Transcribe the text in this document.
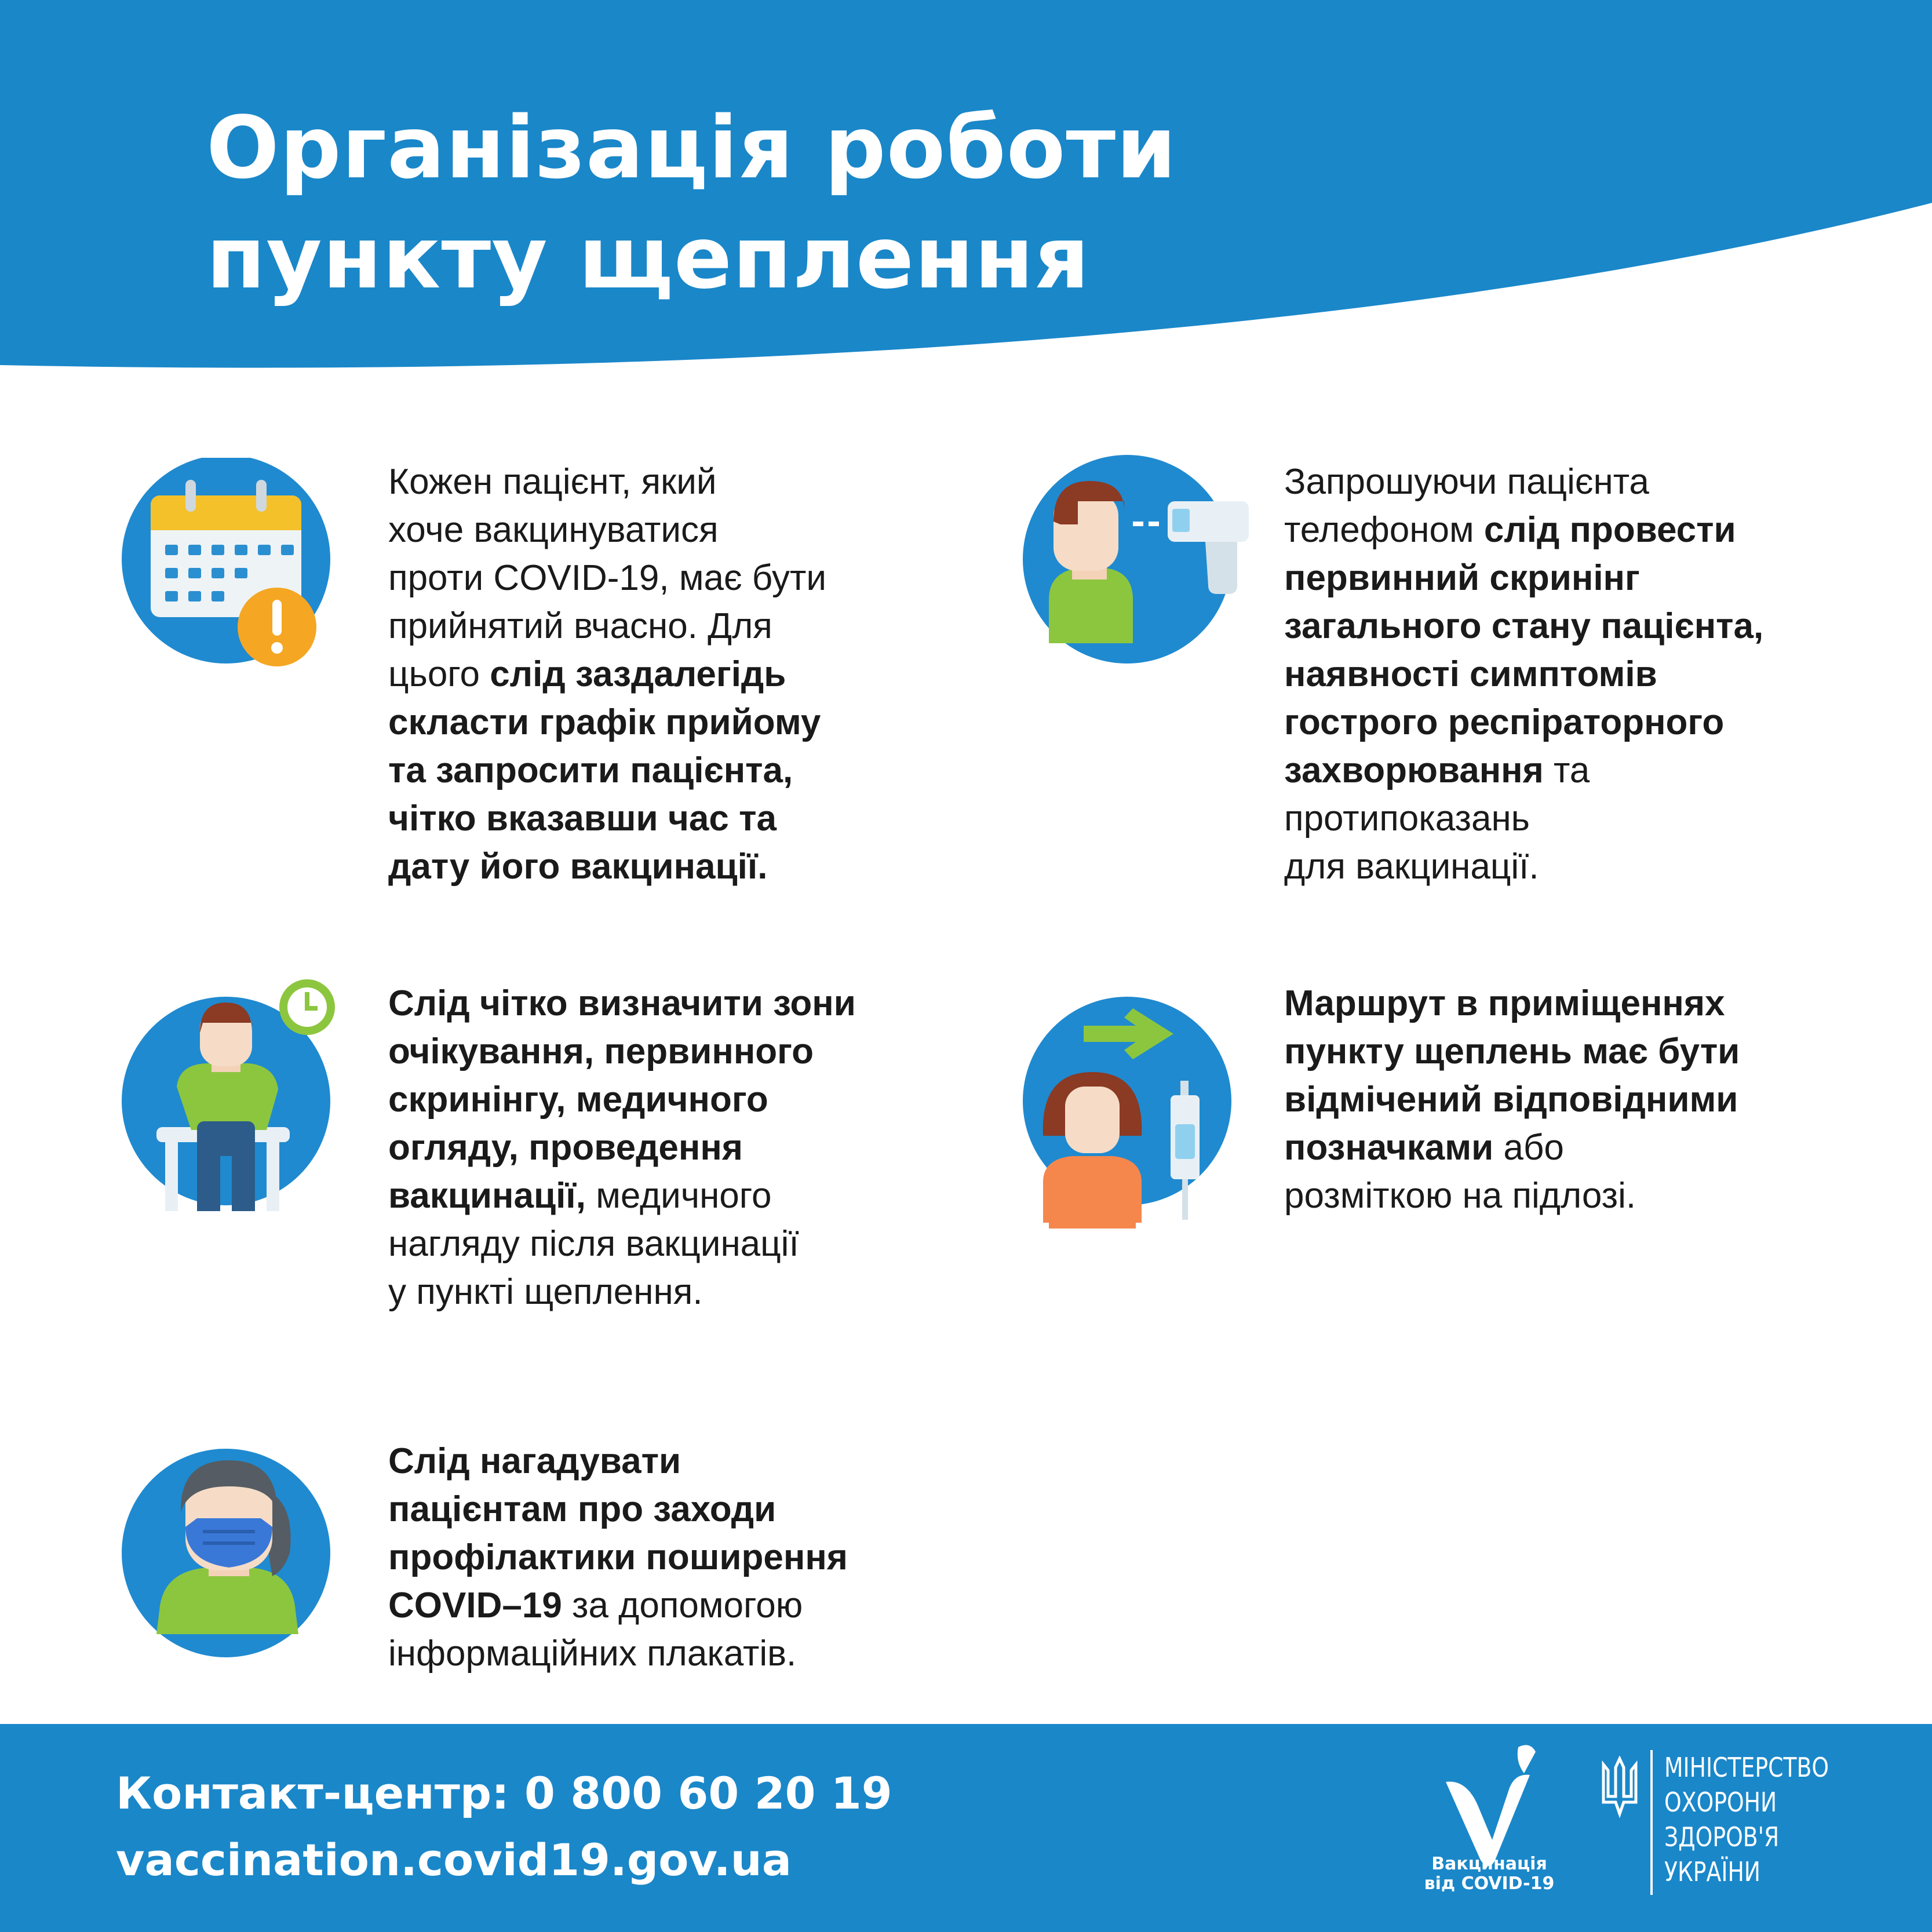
Організація роботи
пункту щеплення
Кожен пацієнт, який
хоче вакцинуватися
проти COVID-19, має бути
прийнятий вчасно. Для
цього слід заздалегідь
скласти графік прийому
та запросити пацієнта,
чітко вказавши час та
дату його вакцинації.
Запрошуючи пацієнта
телефоном слід провести
первинний скринінг
загального стану пацієнта,
наявності симптомів
гострого респіраторного
захворювання та
протипоказань
для вакцинації.
Слід чітко визначити зони
очікування, первинного
скринінгу, медичного
огляду, проведення
вакцинації, медичного
нагляду після вакцинації
у пункті щеплення.
Маршрут в приміщеннях
пункту щеплень має бути
відмічений відповідними
позначками або
розміткою на підлозі.
Слід нагадувати
пацієнтам про заходи
профілактики поширення
COVID–19 за допомогою
інформаційних плакатів.
Контакт-центр: 0 800 60 20 19
vaccination.covid19.gov.ua	Вакцинація
від COVID-19
МІНІСТЕРСТВО
ОХОРОНИ
ЗДОРОВ'Я
УКРАЇНИ
